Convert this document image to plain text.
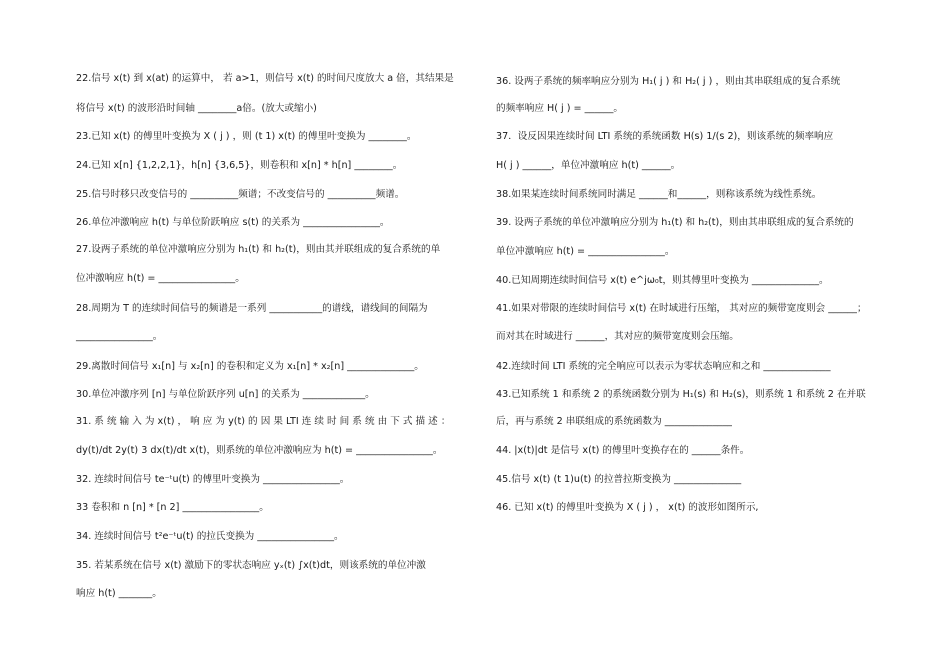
22.信号 x(t) 到 x(at) 的运算中， 若 a>1，则信号 x(t) 的时间尺度放大 a 倍，其结果是
将信号 x(t) 的波形沿时间轴 ________a倍。(放大或缩小)
23.已知 x(t) 的傅里叶变换为 X ( j ) ，则 (t 1) x(t) 的傅里叶变换为 ________。
24.已知 x[n] {1,2,2,1}，h[n] {3,6,5}，则卷积和 x[n] * h[n] ________。
25.信号时移只改变信号的 __________频谱；不改变信号的 __________频谱。
26.单位冲激响应 h(t) 与单位阶跃响应 s(t) 的关系为 ________________。
27.设两子系统的单位冲激响应分别为 h₁(t) 和 h₂(t)，则由其并联组成的复合系统的单
位冲激响应 h(t) = ________________。
28.周期为 T 的连续时间信号的频谱是一系列 ___________的谱线，谱线间的间隔为
________________。
29.离散时间信号 x₁[n] 与 x₂[n] 的卷积和定义为 x₁[n] * x₂[n] ______________。
30.单位冲激序列 [n] 与单位阶跃序列 u[n] 的关系为 _____________。
31. 系 统 输 入 为 x(t) ， 响 应 为 y(t) 的 因 果 LTI 连 续 时 间 系 统 由 下 式 描 述 ：
dy(t)/dt 2y(t) 3 dx(t)/dt x(t)，则系统的单位冲激响应为 h(t) = ________________。
32. 连续时间信号 te⁻ᵗu(t) 的傅里叶变换为 ________________。
33 卷积和 n [n] * [n 2] ________________。
34. 连续时间信号 t²e⁻ᵗu(t) 的拉氏变换为 ________________。
35. 若某系统在信号 x(t) 激励下的零状态响应 yₓ(t) ∫x(t)dt，则该系统的单位冲激
响应 h(t) _______。
36. 设两子系统的频率响应分别为 H₁( j ) 和 H₂( j ) ，则由其串联组成的复合系统
的频率响应 H( j ) = ______。
37．设反因果连续时间 LTI 系统的系统函数 H(s) 1/(s 2)，则该系统的频率响应
H( j ) ______，单位冲激响应 h(t) ______。
38.如果某连续时间系统同时满足 ______和______，则称该系统为线性系统。
39. 设两子系统的单位冲激响应分别为 h₁(t) 和 h₂(t)，则由其串联组成的复合系统的
单位冲激响应 h(t) = ________________。
40.已知周期连续时间信号 x(t) e^jω₀t，则其傅里叶变换为 ______________。
41.如果对带限的连续时间信号 x(t) 在时域进行压缩， 其对应的频带宽度则会 ______；
而对其在时域进行 ______，其对应的频带宽度则会压缩。
42.连续时间 LTI 系统的完全响应可以表示为零状态响应和之和 ______________
43.已知系统 1 和系统 2 的系统函数分别为 H₁(s) 和 H₂(s)，则系统 1 和系统 2 在并联
后，再与系统 2 串联组成的系统函数为 ______________
44. |x(t)|dt 是信号 x(t) 的傅里叶变换存在的 ______条件。
45.信号 x(t) (t 1)u(t) 的拉普拉斯变换为 ______________
46. 已知 x(t) 的傅里叶变换为 X ( j ) ， x(t) 的波形如图所示,
